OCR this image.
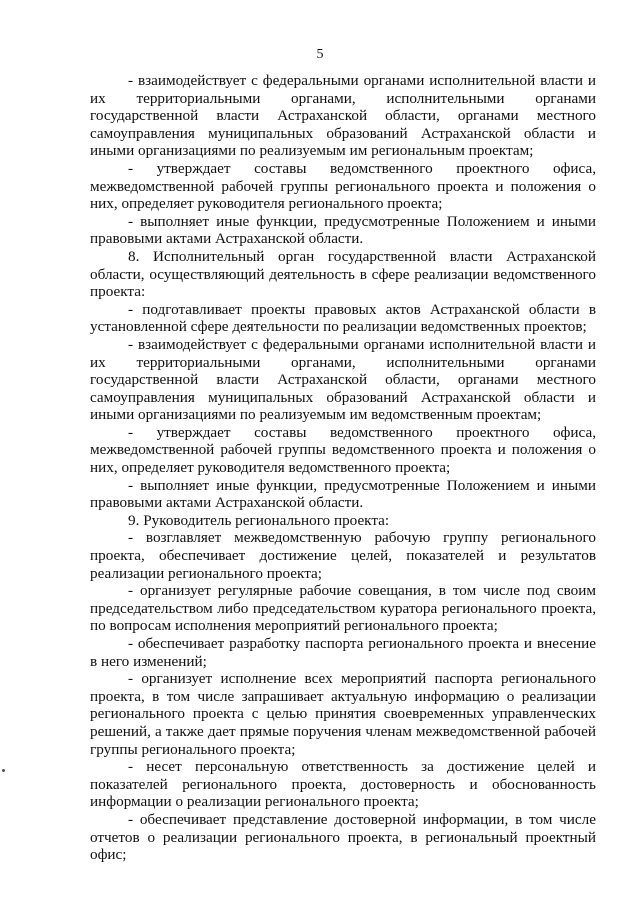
5

- взаимодействует с федеральными органами исполнительной власти и их территориальными органами, исполнительными органами государственной власти Астраханской области, органами местного самоуправления муниципальных образований Астраханской области и иными организациями по реализуемым им региональным проектам;

- утверждает составы ведомственного проектного офиса, межведомственной рабочей группы регионального проекта и положения о них, определяет руководителя регионального проекта;

- выполняет иные функции, предусмотренные Положением и иными правовыми актами Астраханской области.

8. Исполнительный орган государственной власти Астраханской области, осуществляющий деятельность в сфере реализации ведомственного проекта:

- подготавливает проекты правовых актов Астраханской области в установленной сфере деятельности по реализации ведомственных проектов;

- взаимодействует с федеральными органами исполнительной власти и их территориальными органами, исполнительными органами государственной власти Астраханской области, органами местного самоуправления муниципальных образований Астраханской области и иными организациями по реализуемым им ведомственным проектам;

- утверждает составы ведомственного проектного офиса, межведомственной рабочей группы ведомственного проекта и положения о них, определяет руководителя ведомственного проекта;

- выполняет иные функции, предусмотренные Положением и иными правовыми актами Астраханской области.

9. Руководитель регионального проекта:

- возглавляет межведомственную рабочую группу регионального проекта, обеспечивает достижение целей, показателей и результатов реализации регионального проекта;

- организует регулярные рабочие совещания, в том числе под своим председательством либо председательством куратора регионального проекта, по вопросам исполнения мероприятий регионального проекта;

- обеспечивает разработку паспорта регионального проекта и внесение в него изменений;

- организует исполнение всех мероприятий паспорта регионального проекта, в том числе запрашивает актуальную информацию о реализации регионального проекта с целью принятия своевременных управленческих решений, а также дает прямые поручения членам межведомственной рабочей группы регионального проекта;

- несет персональную ответственность за достижение целей и показателей регионального проекта, достоверность и обоснованность информации о реализации регионального проекта;

- обеспечивает представление достоверной информации, в том числе отчетов о реализации регионального проекта, в региональный проектный офис;
